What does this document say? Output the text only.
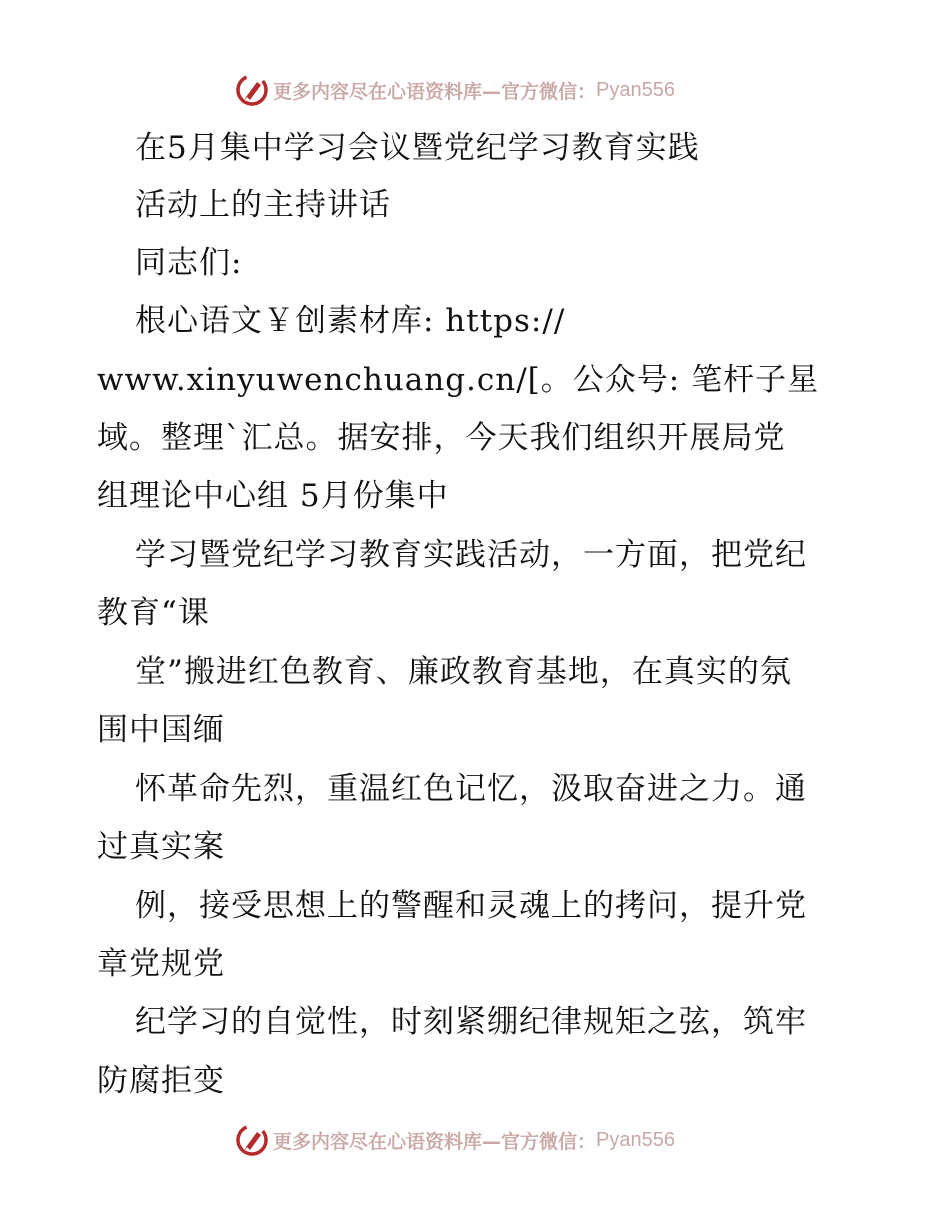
更多内容尽在心语资料库—官方微信： Pyan556
在5月集中学习会议暨党纪学习教育实践
活动上的主持讲话
同志们:
根心语文￥创素材库: https://
www.xinyuwenchuang.cn/[。公众号: 笔杆子星
域。整理`汇总。据安排，今天我们组织开展局党
组理论中心组 5月份集中
学习暨党纪学习教育实践活动，一方面，把党纪
教育“课
堂”搬进红色教育、廉政教育基地，在真实的氛
围中国缅
怀革命先烈，重温红色记忆，汲取奋进之力。通
过真实案
例，接受思想上的警醒和灵魂上的拷问，提升党
章党规党
纪学习的自觉性，时刻紧绷纪律规矩之弦，筑牢
防腐拒变
更多内容尽在心语资料库—官方微信： Pyan556
